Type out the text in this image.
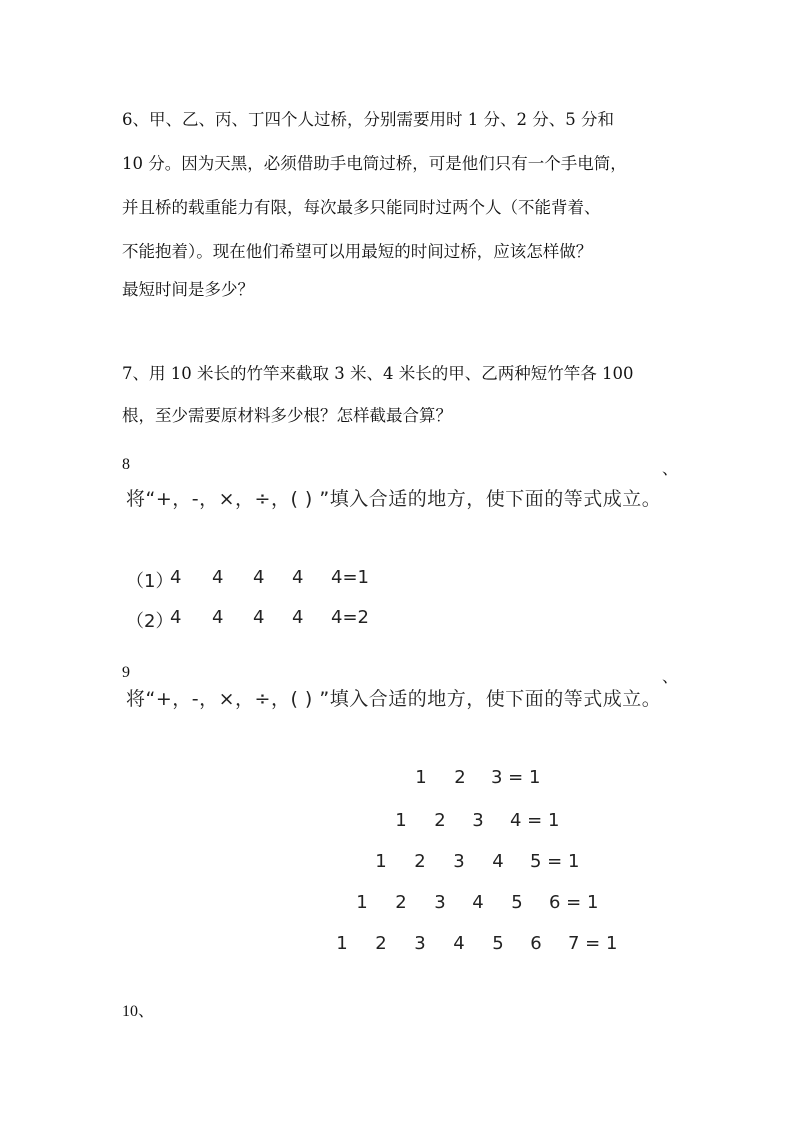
6、甲、乙、丙、丁四个人过桥，分别需要用时 1 分、2 分、5 分和
10 分。因为天黑，必须借助手电筒过桥，可是他们只有一个手电筒，
并且桥的载重能力有限，每次最多只能同时过两个人（不能背着、
不能抱着）。现在他们希望可以用最短的时间过桥，应该怎样做？
最短时间是多少？
7、用 10 米长的竹竿来截取 3 米、4 米长的甲、乙两种短竹竿各 100
根，至少需要原材料多少根？怎样截最合算？
8	、
将“+，-，×，÷，( ) ”填入合适的地方，使下面的等式成立。
（1）
4 4 4 4 4=1
（2）
4 4 4 4 4=2
9	、
将“+，-，×，÷，( ) ”填入合适的地方，使下面的等式成立。
1	2	3 = 1
1	2	3	4 = 1
1	2	3	4	5 = 1
1	2	3	4	5	6 = 1
1	2	3	4	5	6	7 = 1
10、
